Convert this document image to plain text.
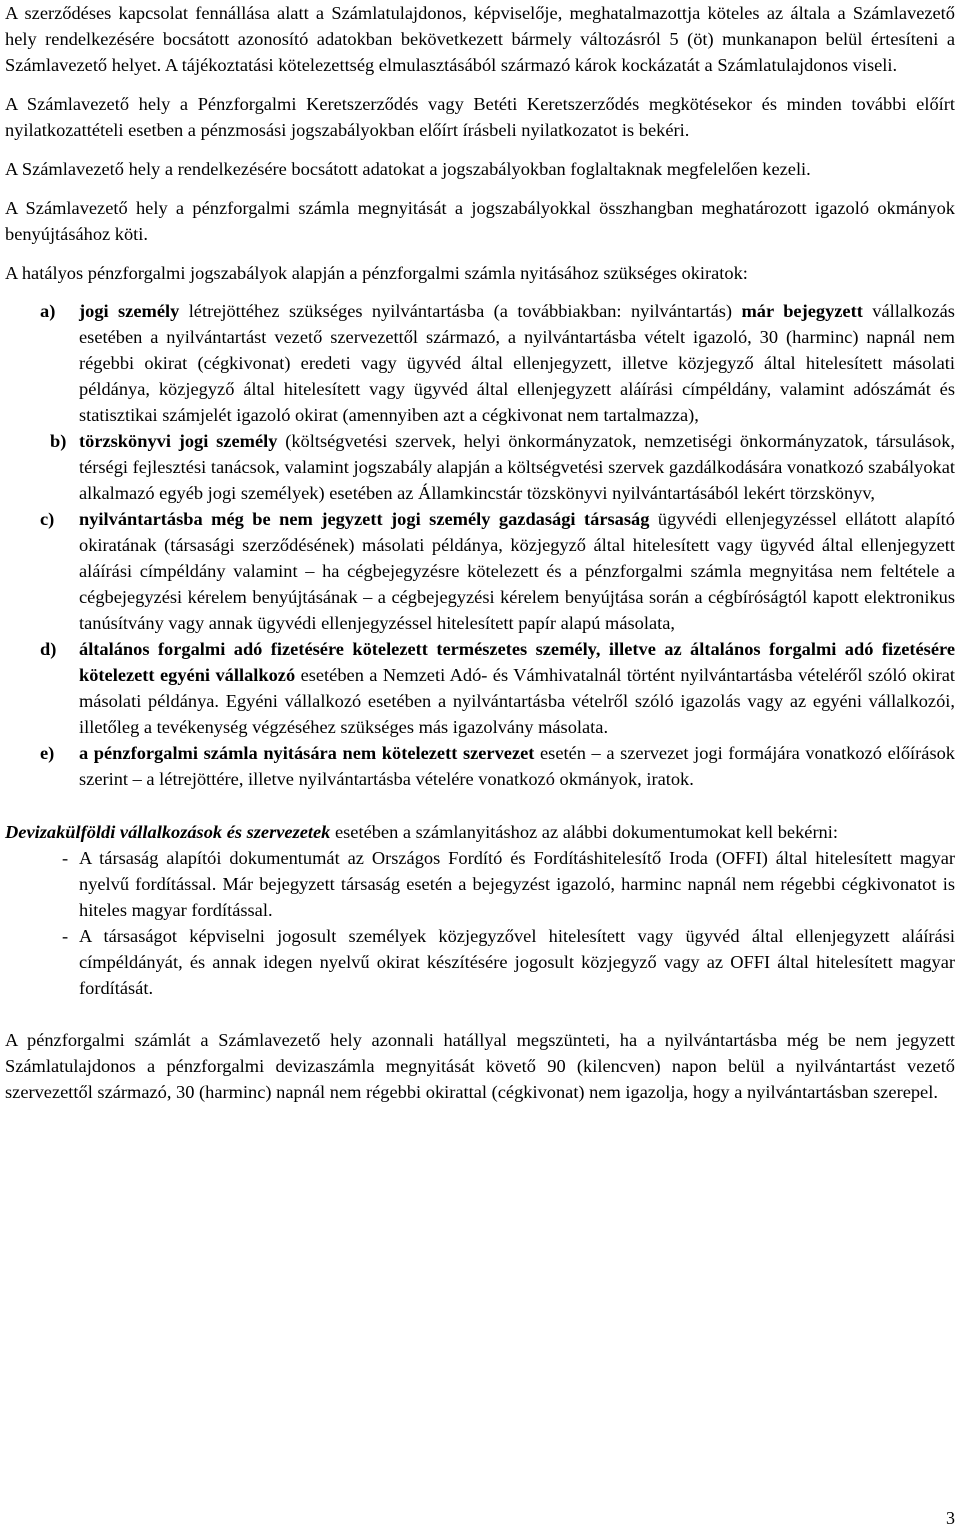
A szerződéses kapcsolat fennállása alatt a Számlatulajdonos, képviselője, meghatalmazottja köteles az általa a Számlavezető hely rendelkezésére bocsátott azonosító adatokban bekövetkezett bármely változásról 5 (öt) munkanapon belül értesíteni a Számlavezető helyet. A tájékoztatási kötelezettség elmulasztásából származó károk kockázatát a Számlatulajdonos viseli.

A Számlavezető hely a Pénzforgalmi Keretszerződés vagy Betéti Keretszerződés megkötésekor és minden további előírt nyilatkozattételi esetben a pénzmosási jogszabályokban előírt írásbeli nyilatkozatot is bekéri.

A Számlavezető hely a rendelkezésére bocsátott adatokat a jogszabályokban foglaltaknak megfelelően kezeli.

A Számlavezető hely a pénzforgalmi számla megnyitását a jogszabályokkal összhangban meghatározott igazoló okmányok benyújtásához köti.

A hatályos pénzforgalmi jogszabályok alapján a pénzforgalmi számla nyitásához szükséges okiratok:

a) jogi személy létrejöttéhez szükséges nyilvántartásba (a továbbiakban: nyilvántartás) már bejegyzett vállalkozás esetében a nyilvántartást vezető szervezettől származó, a nyilvántartásba vételt igazoló, 30 (harminc) napnál nem régebbi okirat (cégkivonat) eredeti vagy ügyvéd által ellenjegyzett, illetve közjegyző által hitelesített másolati példánya, közjegyző által hitelesített vagy ügyvéd által ellenjegyzett aláírási címpéldány, valamint adószámát és statisztikai számjelét igazoló okirat (amennyiben azt a cégkivonat nem tartalmazza),

b) törzskönyvi jogi személy (költségvetési szervek, helyi önkormányzatok, nemzetiségi önkormányzatok, társulások, térségi fejlesztési tanácsok, valamint jogszabály alapján a költségvetési szervek gazdálkodására vonatkozó szabályokat alkalmazó egyéb jogi személyek) esetében az Államkincstár tözskönyvi nyilvántartásából lekért törzskönyv,

c) nyilvántartásba még be nem jegyzett jogi személy gazdasági társaság ügyvédi ellenjegyzéssel ellátott alapító okiratának (társasági szerződésének) másolati példánya, közjegyző által hitelesített vagy ügyvéd által ellenjegyzett aláírási címpéldány valamint – ha cégbejegyzésre kötelezett és a pénzforgalmi számla megnyitása nem feltétele a cégbejegyzési kérelem benyújtásának – a cégbejegyzési kérelem benyújtása során a cégbíróságtól kapott elektronikus tanúsítvány vagy annak ügyvédi ellenjegyzéssel hitelesített papír alapú másolata,

d) általános forgalmi adó fizetésére kötelezett természetes személy, illetve az általános forgalmi adó fizetésére kötelezett egyéni vállalkozó esetében a Nemzeti Adó- és Vámhivatalnál történt nyilvántartásba vételéről szóló okirat másolati példánya. Egyéni vállalkozó esetében a nyilvántartásba vételről szóló igazolás vagy az egyéni vállalkozói, illetőleg a tevékenység végzéséhez szükséges más igazolvány másolata.

e) a pénzforgalmi számla nyitására nem kötelezett szervezet esetén – a szervezet jogi formájára vonatkozó előírások szerint – a létrejöttére, illetve nyilvántartásba vételére vonatkozó okmányok, iratok.

Devizakülföldi vállalkozások és szervezetek esetében a számlanyitáshoz az alábbi dokumentumokat kell bekérni:

- A társaság alapítói dokumentumát az Országos Fordító és Fordításhitelesítő Iroda (OFFI) által hitelesített magyar nyelvű fordítással. Már bejegyzett társaság esetén a bejegyzést igazoló, harminc napnál nem régebbi cégkivonatot is hiteles magyar fordítással.

- A társaságot képviselni jogosult személyek közjegyzővel hitelesített vagy ügyvéd által ellenjegyzett aláírási címpéldányát, és annak idegen nyelvű okirat készítésére jogosult közjegyző vagy az OFFI által hitelesített magyar fordítását.

A pénzforgalmi számlát a Számlavezető hely azonnali hatállyal megszünteti, ha a nyilvántartásba még be nem jegyzett Számlatulajdonos a pénzforgalmi devizaszámla megnyitását követő 90 (kilencven) napon belül a nyilvántartást vezető szervezettől származó, 30 (harminc) napnál nem régebbi okirattal (cégkivonat) nem igazolja, hogy a nyilvántartásban szerepel.

3
